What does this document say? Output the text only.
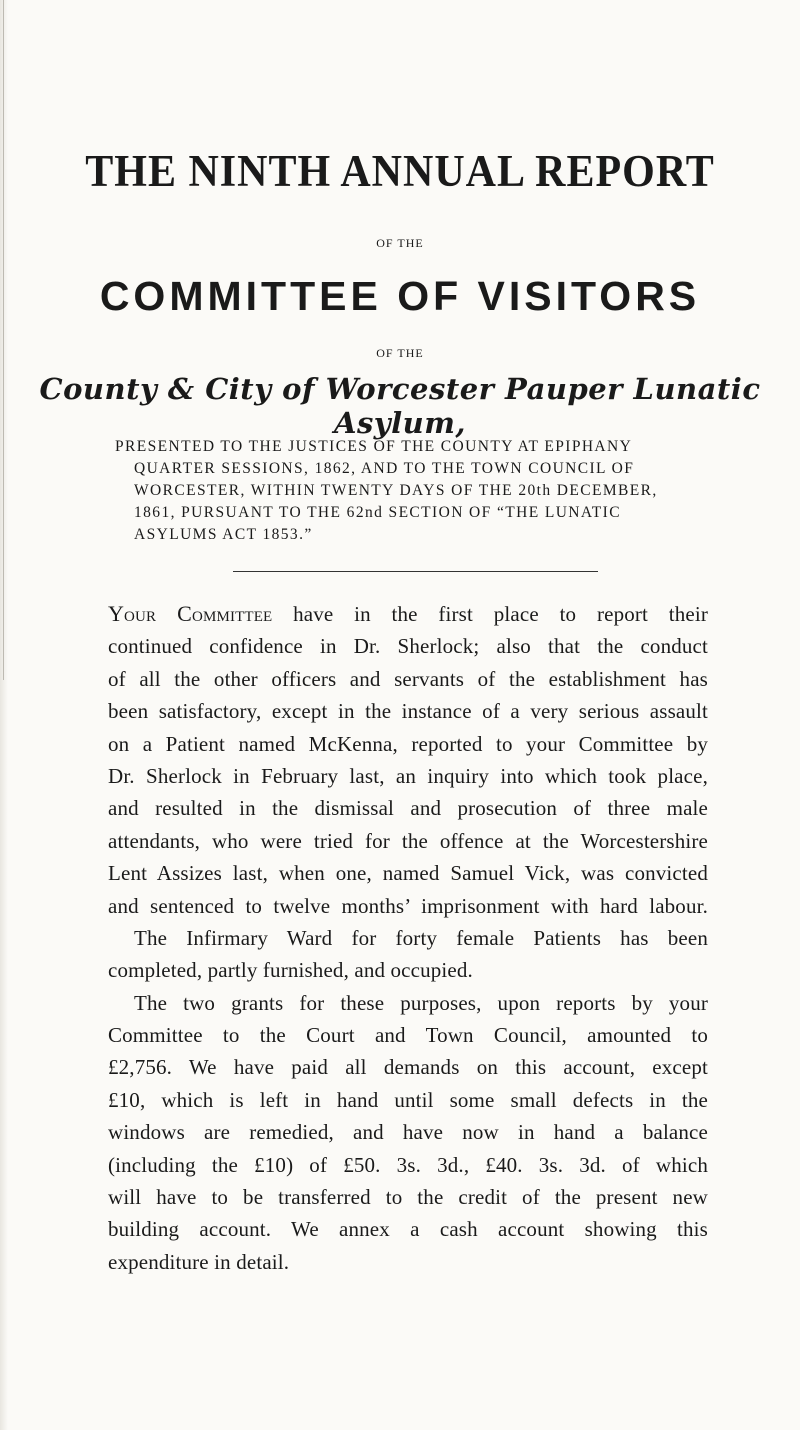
THE NINTH ANNUAL REPORT
OF THE
COMMITTEE OF VISITORS
OF THE
County & City of Worcester Pauper Lunatic Asylum,
PRESENTED TO THE JUSTICES OF THE COUNTY AT EPIPHANY
QUARTER SESSIONS, 1862, AND TO THE TOWN COUNCIL OF
WORCESTER, WITHIN TWENTY DAYS OF THE 20th DECEMBER,
1861, PURSUANT TO THE 62nd SECTION OF “THE LUNATIC
ASYLUMS ACT 1853.”
Your Committee have in the first place to report their
continued confidence in Dr. Sherlock; also that the conduct
of all the other officers and servants of the establishment has
been satisfactory, except in the instance of a very serious assault
on a Patient named McKenna, reported to your Committee by
Dr. Sherlock in February last, an inquiry into which took place,
and resulted in the dismissal and prosecution of three male
attendants, who were tried for the offence at the Worcestershire
Lent Assizes last, when one, named Samuel Vick, was convicted
and sentenced to twelve months’ imprisonment with hard labour.
The Infirmary Ward for forty female Patients has been
completed, partly furnished, and occupied.
The two grants for these purposes, upon reports by your
Committee to the Court and Town Council, amounted to
£2,756. We have paid all demands on this account, except
£10, which is left in hand until some small defects in the
windows are remedied, and have now in hand a balance
(including the £10) of £50. 3s. 3d., £40. 3s. 3d. of which
will have to be transferred to the credit of the present new
building account. We annex a cash account showing this
expenditure in detail.
